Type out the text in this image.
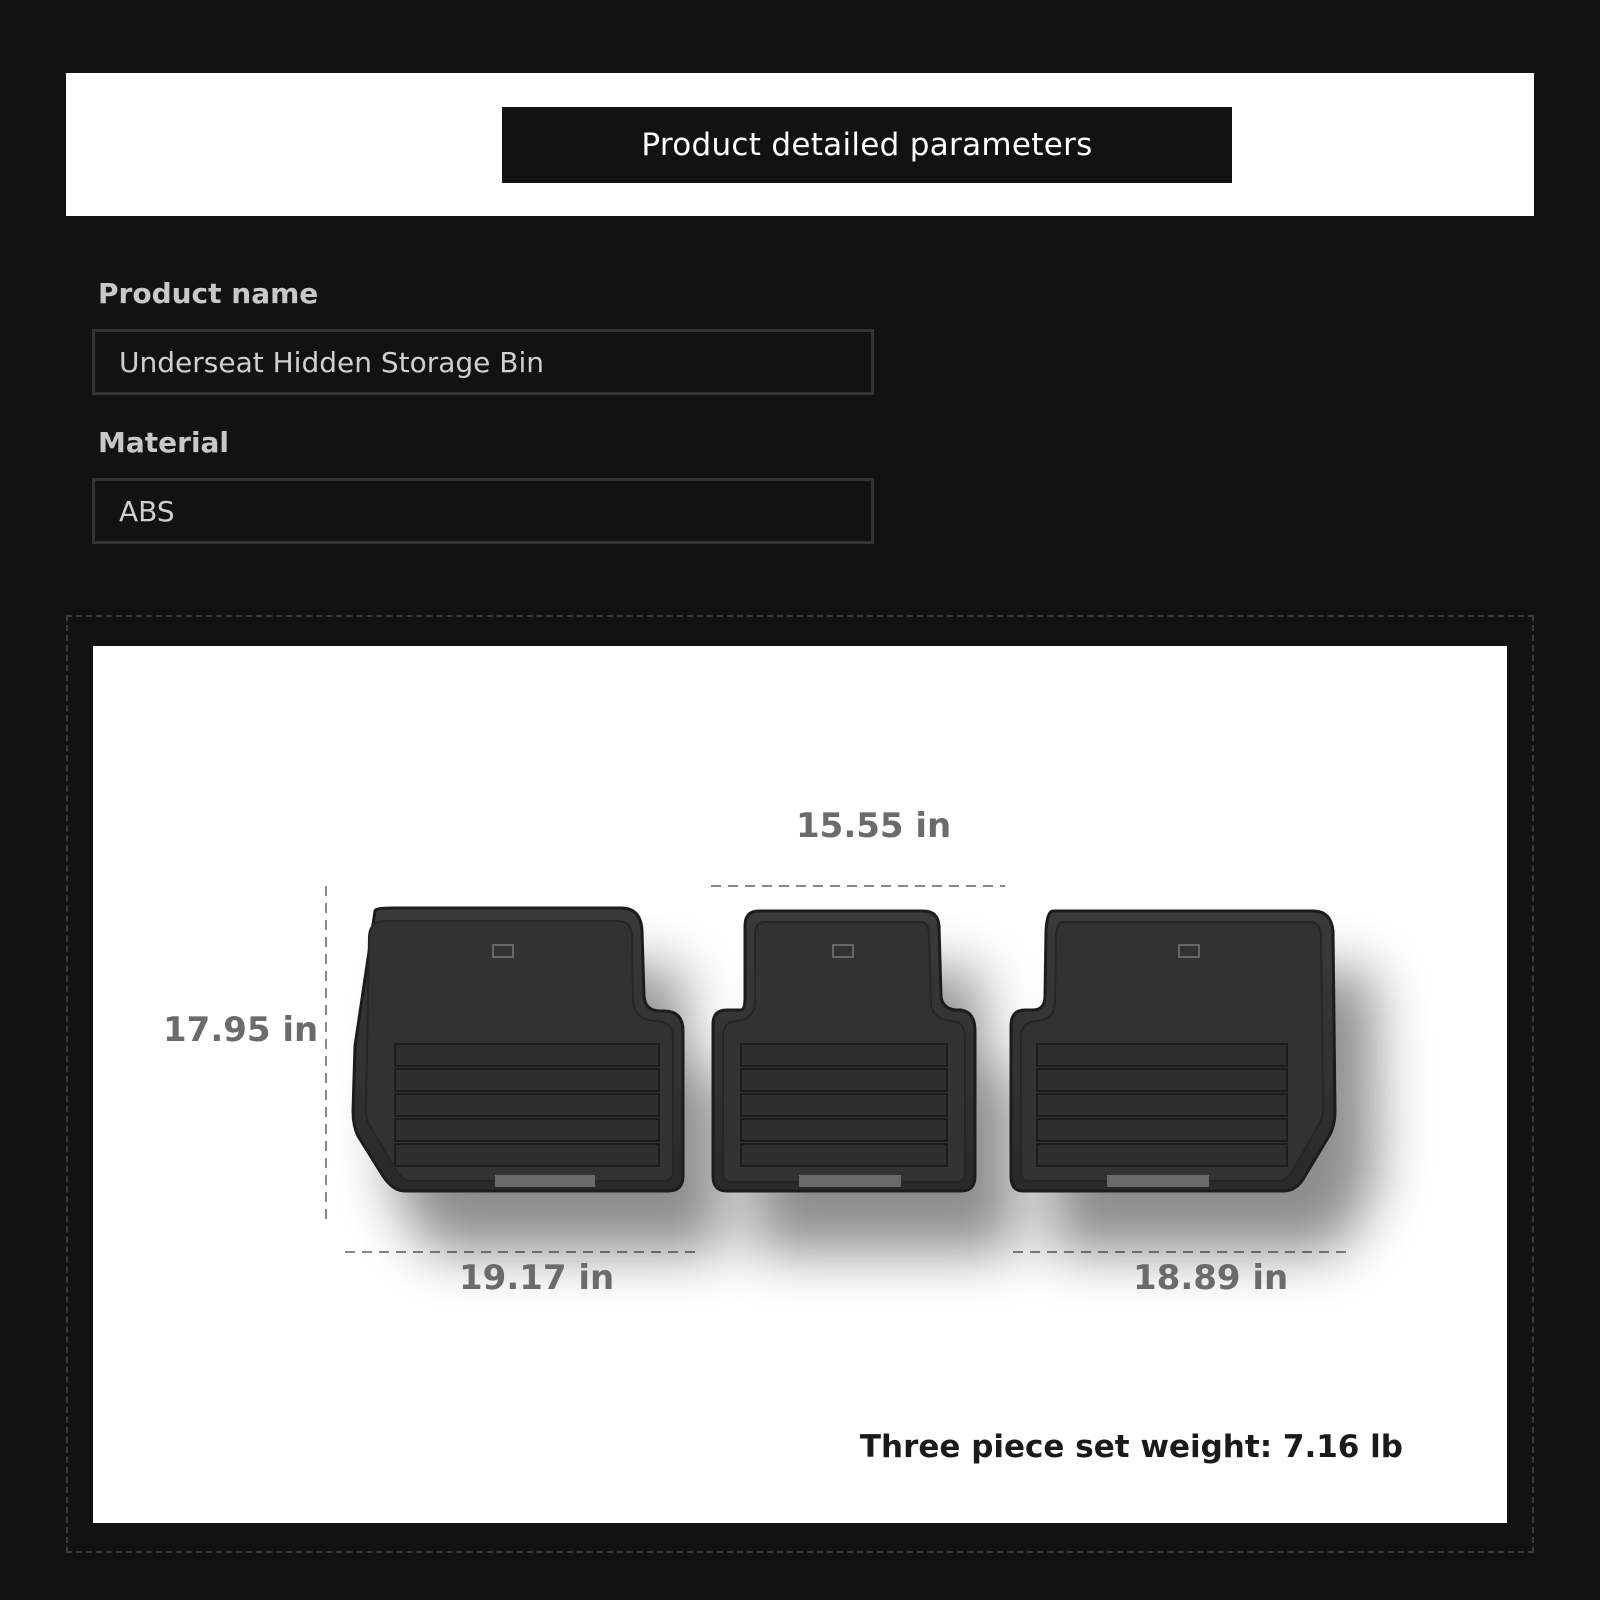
Product detailed parameters
Product name
Underseat Hidden Storage Bin
Material
ABS
17.95 in
19.17 in
15.55 in
18.89 in
Three piece set weight: 7.16 lb
